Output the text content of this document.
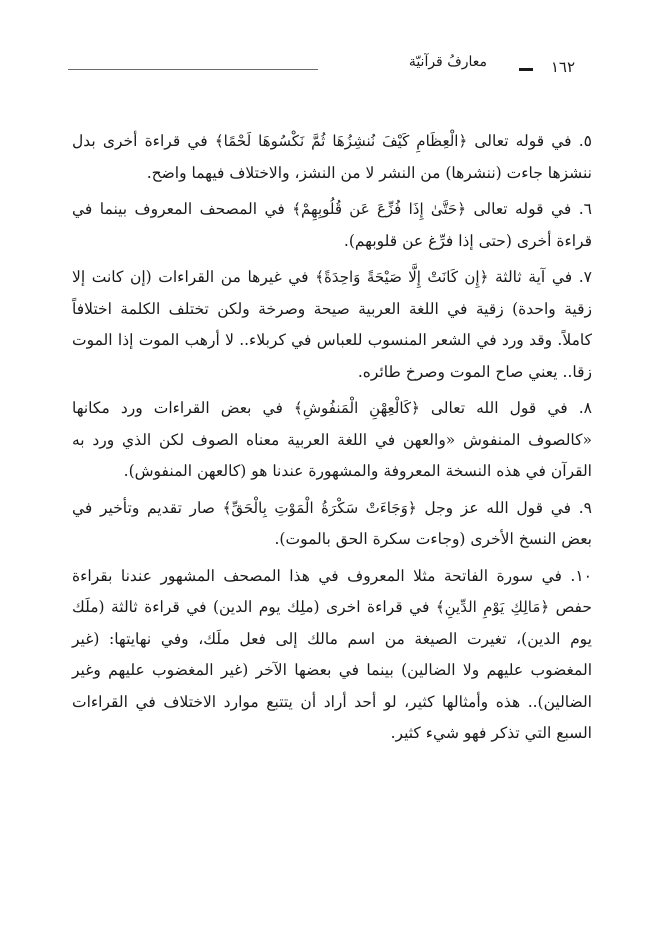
١٦٢
معارفُ قرآنيّة

٥. في قوله تعالى ﴿الْعِظَامِ كَيْفَ نُنشِزُهَا ثُمَّ نَكْسُوهَا لَحْمًا﴾ في قراءة أخرى بدل ننشزها جاءت (ننشرها) من النشر لا من النشز، والاختلاف فيهما واضح.

٦. في قوله تعالى ﴿حَتَّىٰ إِذَا فُزِّعَ عَن قُلُوبِهِمْ﴾ في المصحف المعروف بينما في قراءة أخرى (حتى إذا فرِّغ عن قلوبهم).

٧. في آية ثالثة ﴿إِن كَانَتْ إِلَّا صَيْحَةً وَاحِدَةً﴾ في غيرها من القراءات (إن كانت إلا زقية واحدة) زقية في اللغة العربية صيحة وصرخة ولكن تختلف الكلمة اختلافاً كاملاً. وقد ورد في الشعر المنسوب للعباس في كربلاء.. لا أرهب الموت إذا الموت زقا.. يعني صاح الموت وصرخ طائره.

٨. في قول الله تعالى ﴿كَالْعِهْنِ الْمَنفُوشِ﴾ في بعض القراءات ورد مكانها «كالصوف المنفوش «والعهن في اللغة العربية معناه الصوف لكن الذي ورد به القرآن في هذه النسخة المعروفة والمشهورة عندنا هو (كالعهن المنفوش).

٩. في قول الله عز وجل ﴿وَجَاءَتْ سَكْرَةُ الْمَوْتِ بِالْحَقِّ﴾ صار تقديم وتأخير في بعض النسخ الأخرى (وجاءت سكرة الحق بالموت).

١٠. في سورة الفاتحة مثلا المعروف في هذا المصحف المشهور عندنا بقراءة حفص ﴿مَالِكِ يَوْمِ الدِّينِ﴾ في قراءة اخرى (ملِك يوم الدين) في قراءة ثالثة (ملَك يوم الدين)، تغيرت الصيغة من اسم مالك إلى فعل ملَك، وفي نهايتها: (غير المغضوب عليهم ولا الضالين) بينما في بعضها الآخر (غير المغضوب عليهم وغير الضالين).. هذه وأمثالها كثير، لو أحد أراد أن يتتبع موارد الاختلاف في القراءات السبع التي تذكر فهو شيء كثير.
